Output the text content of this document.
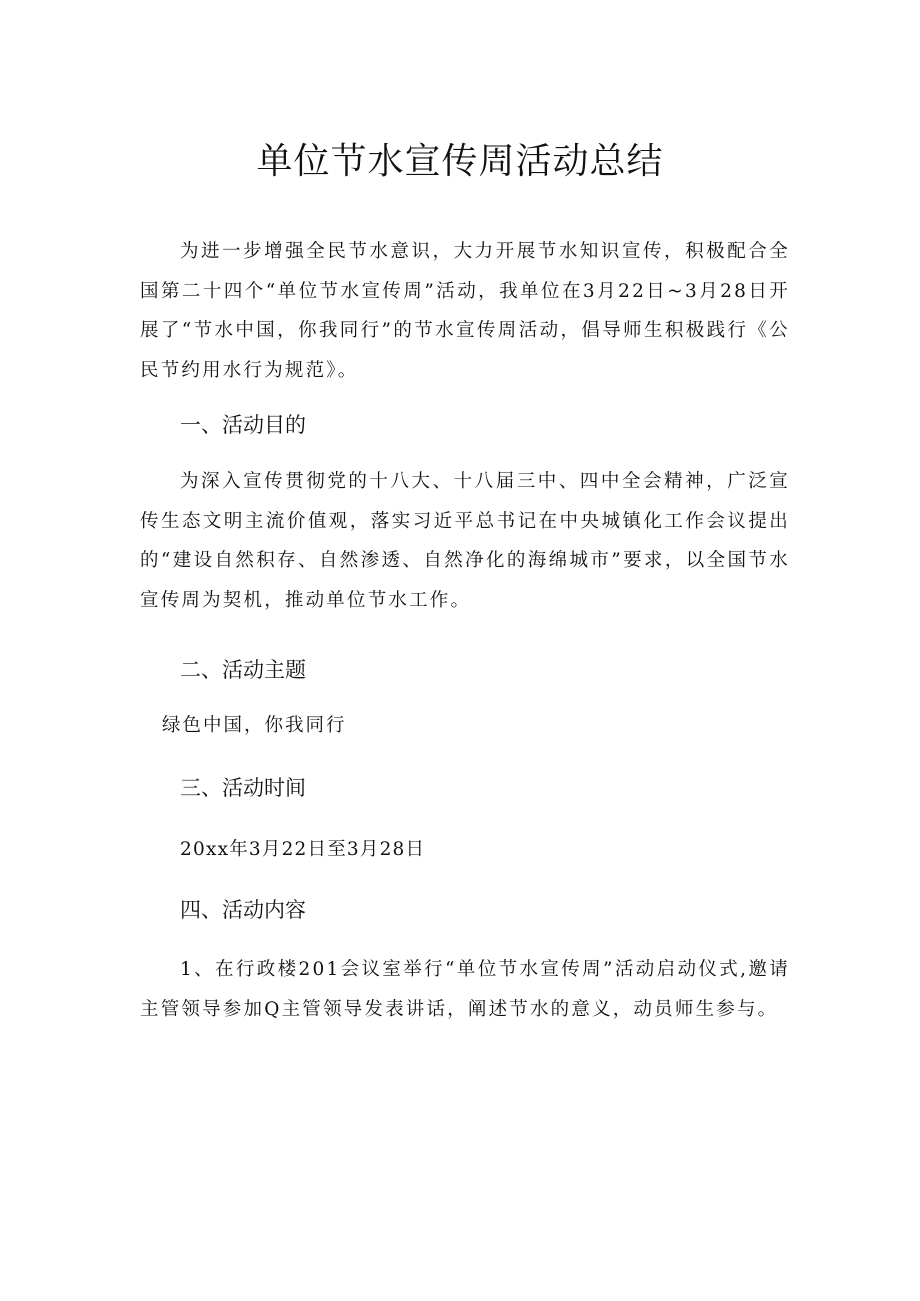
单位节水宣传周活动总结

为进一步增强全民节水意识，大力开展节水知识宣传，积极配合全国第二十四个“单位节水宣传周”活动，我单位在3月22日~3月28日开展了“节水中国，你我同行”的节水宣传周活动，倡导师生积极践行《公民节约用水行为规范》。

一、活动目的

为深入宣传贯彻党的十八大、十八届三中、四中全会精神，广泛宣传生态文明主流价值观，落实习近平总书记在中央城镇化工作会议提出的“建设自然积存、自然渗透、自然净化的海绵城市”要求，以全国节水宣传周为契机，推动单位节水工作。

二、活动主题

绿色中国，你我同行

三、活动时间

20xx年3月22日至3月28日

四、活动内容

1、在行政楼201会议室举行“单位节水宣传周”活动启动仪式,邀请主管领导参加Q主管领导发表讲话，阐述节水的意义，动员师生参与。
